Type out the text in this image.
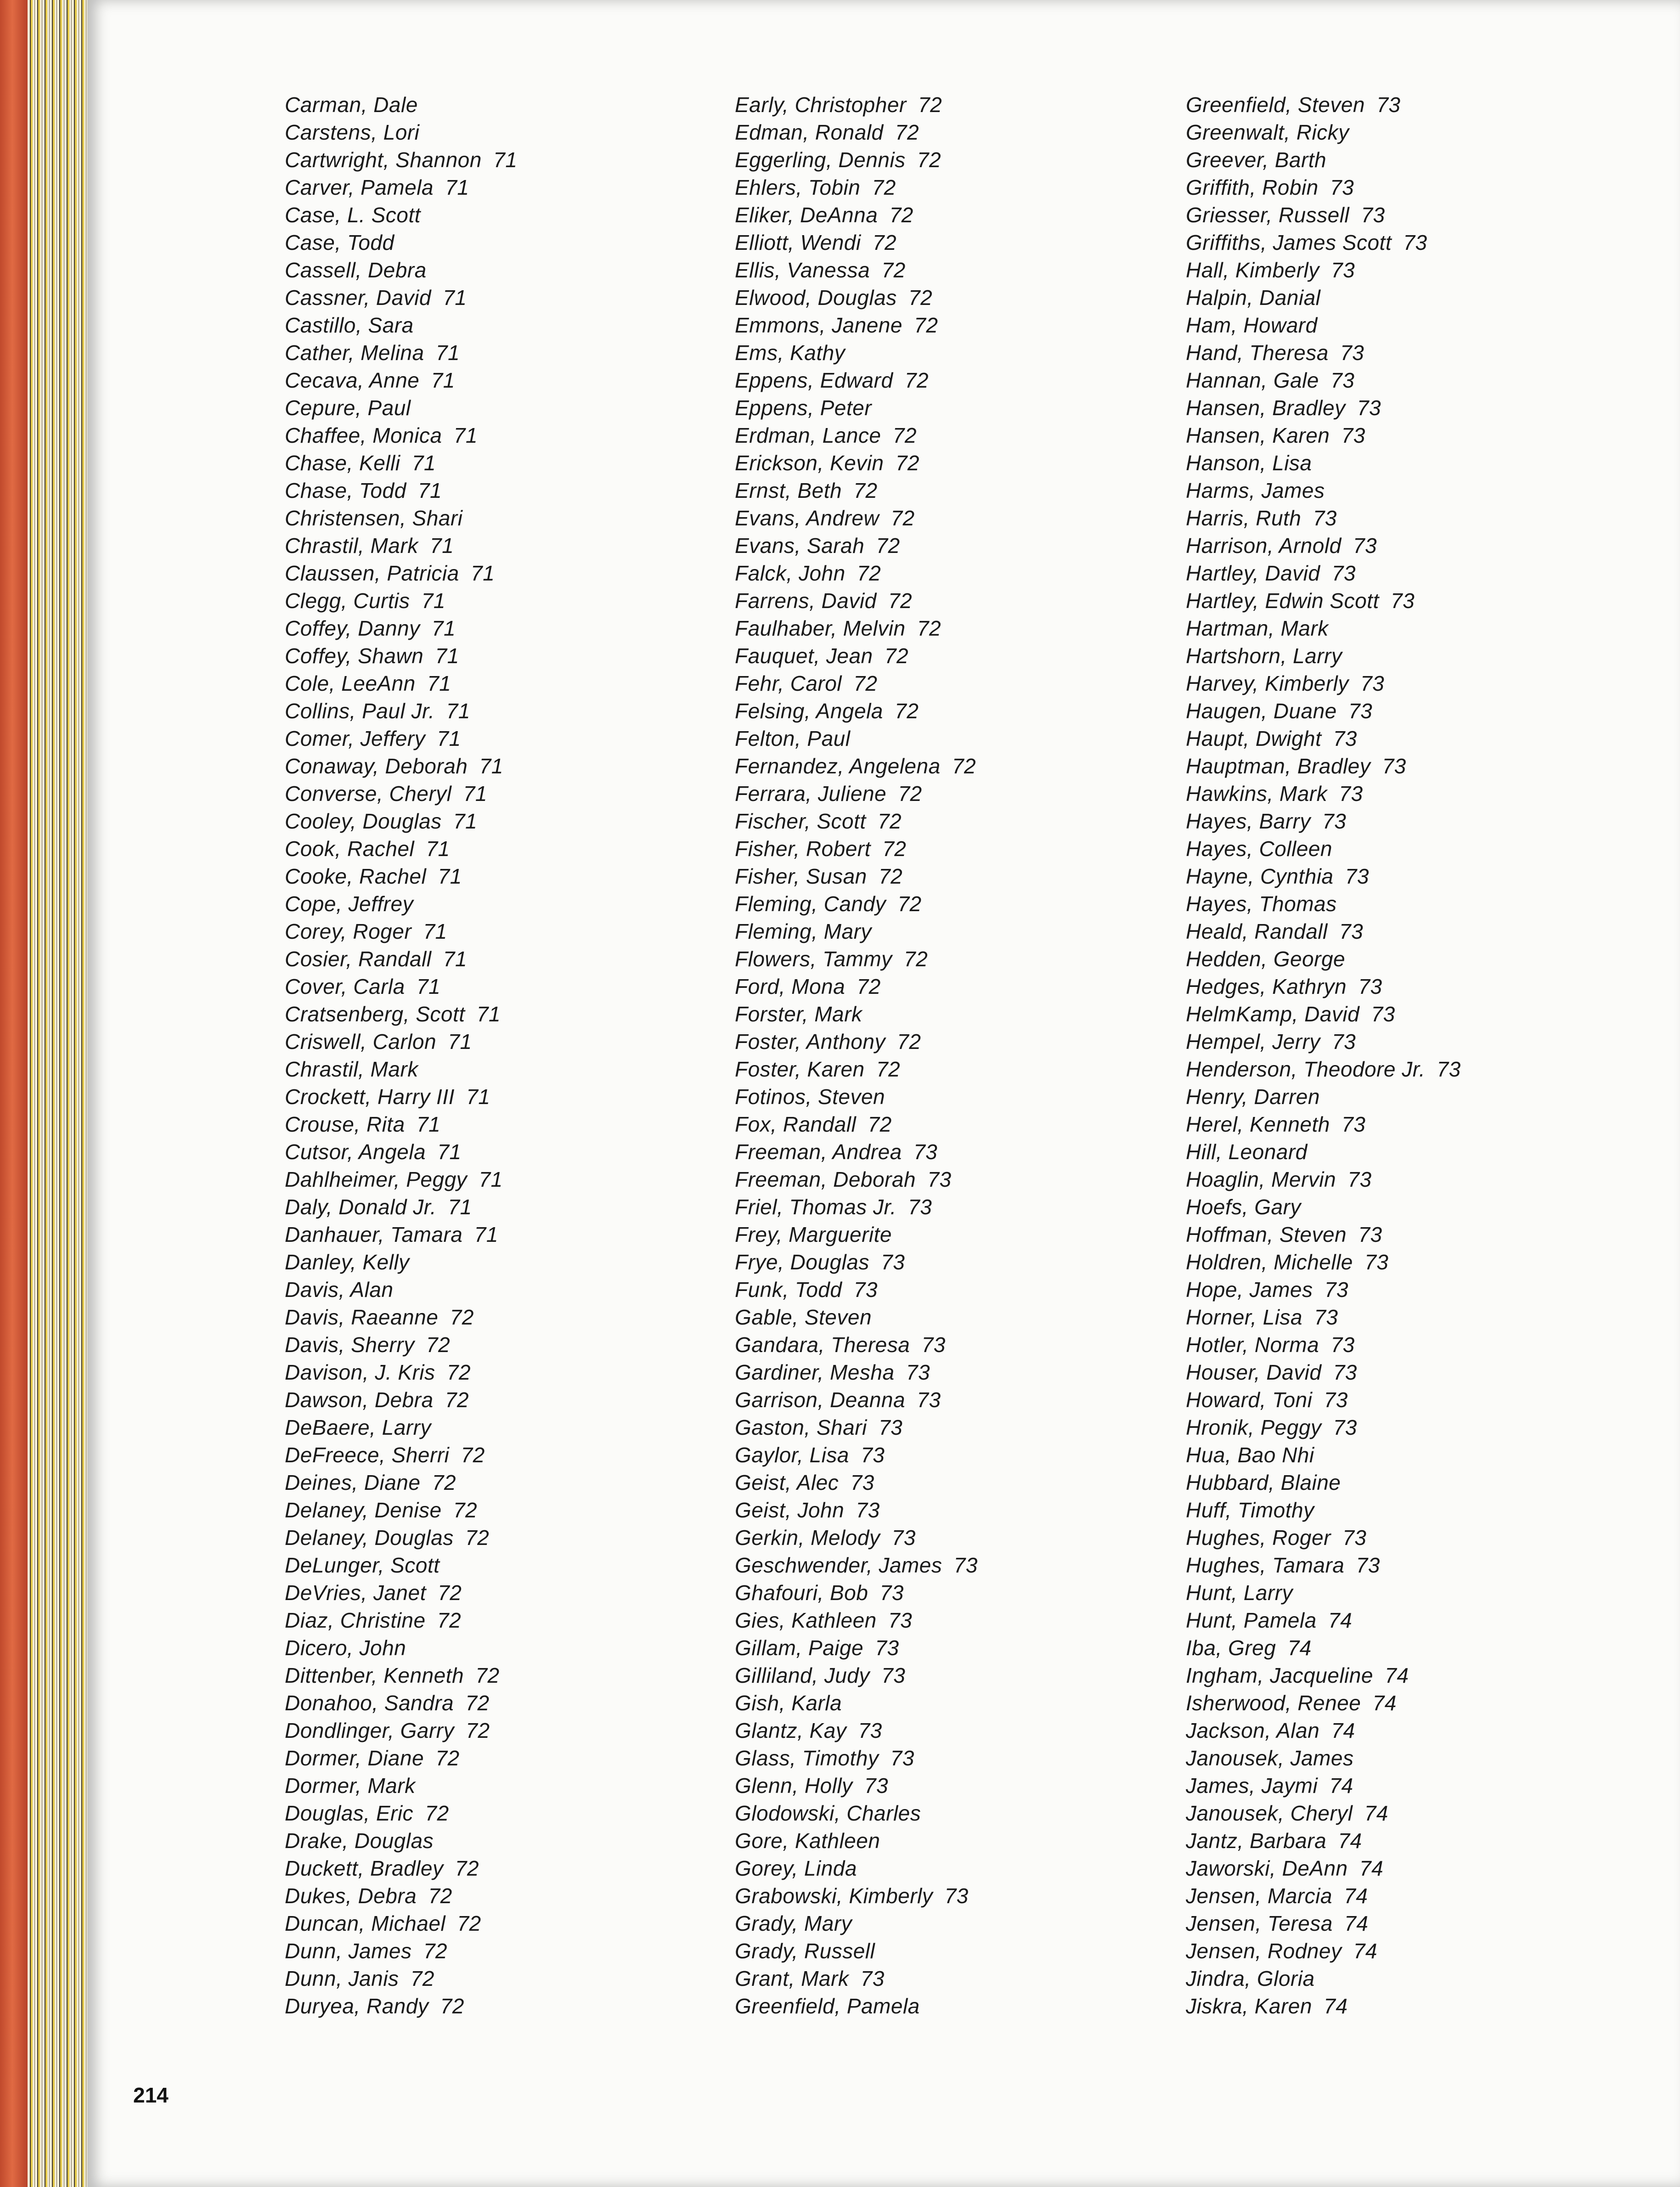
Carman, Dale
Carstens, Lori
Cartwright, Shannon 71
Carver, Pamela 71
Case, L. Scott
Case, Todd
Cassell, Debra
Cassner, David 71
Castillo, Sara
Cather, Melina 71
Cecava, Anne 71
Cepure, Paul
Chaffee, Monica 71
Chase, Kelli 71
Chase, Todd 71
Christensen, Shari
Chrastil, Mark 71
Claussen, Patricia 71
Clegg, Curtis 71
Coffey, Danny 71
Coffey, Shawn 71
Cole, LeeAnn 71
Collins, Paul Jr. 71
Comer, Jeffery 71
Conaway, Deborah 71
Converse, Cheryl 71
Cooley, Douglas 71
Cook, Rachel 71
Cooke, Rachel 71
Cope, Jeffrey
Corey, Roger 71
Cosier, Randall 71
Cover, Carla 71
Cratsenberg, Scott 71
Criswell, Carlon 71
Chrastil, Mark
Crockett, Harry III 71
Crouse, Rita 71
Cutsor, Angela 71
Dahlheimer, Peggy 71
Daly, Donald Jr. 71
Danhauer, Tamara 71
Danley, Kelly
Davis, Alan
Davis, Raeanne 72
Davis, Sherry 72
Davison, J. Kris 72
Dawson, Debra 72
DeBaere, Larry
DeFreece, Sherri 72
Deines, Diane 72
Delaney, Denise 72
Delaney, Douglas 72
DeLunger, Scott
DeVries, Janet 72
Diaz, Christine 72
Dicero, John
Dittenber, Kenneth 72
Donahoo, Sandra 72
Dondlinger, Garry 72
Dormer, Diane 72
Dormer, Mark
Douglas, Eric 72
Drake, Douglas
Duckett, Bradley 72
Dukes, Debra 72
Duncan, Michael 72
Dunn, James 72
Dunn, Janis 72
Duryea, Randy 72
Early, Christopher 72
Edman, Ronald 72
Eggerling, Dennis 72
Ehlers, Tobin 72
Eliker, DeAnna 72
Elliott, Wendi 72
Ellis, Vanessa 72
Elwood, Douglas 72
Emmons, Janene 72
Ems, Kathy
Eppens, Edward 72
Eppens, Peter
Erdman, Lance 72
Erickson, Kevin 72
Ernst, Beth 72
Evans, Andrew 72
Evans, Sarah 72
Falck, John 72
Farrens, David 72
Faulhaber, Melvin 72
Fauquet, Jean 72
Fehr, Carol 72
Felsing, Angela 72
Felton, Paul
Fernandez, Angelena 72
Ferrara, Juliene 72
Fischer, Scott 72
Fisher, Robert 72
Fisher, Susan 72
Fleming, Candy 72
Fleming, Mary
Flowers, Tammy 72
Ford, Mona 72
Forster, Mark
Foster, Anthony 72
Foster, Karen 72
Fotinos, Steven
Fox, Randall 72
Freeman, Andrea 73
Freeman, Deborah 73
Friel, Thomas Jr. 73
Frey, Marguerite
Frye, Douglas 73
Funk, Todd 73
Gable, Steven
Gandara, Theresa 73
Gardiner, Mesha 73
Garrison, Deanna 73
Gaston, Shari 73
Gaylor, Lisa 73
Geist, Alec 73
Geist, John 73
Gerkin, Melody 73
Geschwender, James 73
Ghafouri, Bob 73
Gies, Kathleen 73
Gillam, Paige 73
Gilliland, Judy 73
Gish, Karla
Glantz, Kay 73
Glass, Timothy 73
Glenn, Holly 73
Glodowski, Charles
Gore, Kathleen
Gorey, Linda
Grabowski, Kimberly 73
Grady, Mary
Grady, Russell
Grant, Mark 73
Greenfield, Pamela
Greenfield, Steven 73
Greenwalt, Ricky
Greever, Barth
Griffith, Robin 73
Griesser, Russell 73
Griffiths, James Scott 73
Hall, Kimberly 73
Halpin, Danial
Ham, Howard
Hand, Theresa 73
Hannan, Gale 73
Hansen, Bradley 73
Hansen, Karen 73
Hanson, Lisa
Harms, James
Harris, Ruth 73
Harrison, Arnold 73
Hartley, David 73
Hartley, Edwin Scott 73
Hartman, Mark
Hartshorn, Larry
Harvey, Kimberly 73
Haugen, Duane 73
Haupt, Dwight 73
Hauptman, Bradley 73
Hawkins, Mark 73
Hayes, Barry 73
Hayes, Colleen
Hayne, Cynthia 73
Hayes, Thomas
Heald, Randall 73
Hedden, George
Hedges, Kathryn 73
HelmKamp, David 73
Hempel, Jerry 73
Henderson, Theodore Jr. 73
Henry, Darren
Herel, Kenneth 73
Hill, Leonard
Hoaglin, Mervin 73
Hoefs, Gary
Hoffman, Steven 73
Holdren, Michelle 73
Hope, James 73
Horner, Lisa 73
Hotler, Norma 73
Houser, David 73
Howard, Toni 73
Hronik, Peggy 73
Hua, Bao Nhi
Hubbard, Blaine
Huff, Timothy
Hughes, Roger 73
Hughes, Tamara 73
Hunt, Larry
Hunt, Pamela 74
Iba, Greg 74
Ingham, Jacqueline 74
Isherwood, Renee 74
Jackson, Alan 74
Janousek, James
James, Jaymi 74
Janousek, Cheryl 74
Jantz, Barbara 74
Jaworski, DeAnn 74
Jensen, Marcia 74
Jensen, Teresa 74
Jensen, Rodney 74
Jindra, Gloria
Jiskra, Karen 74
214
